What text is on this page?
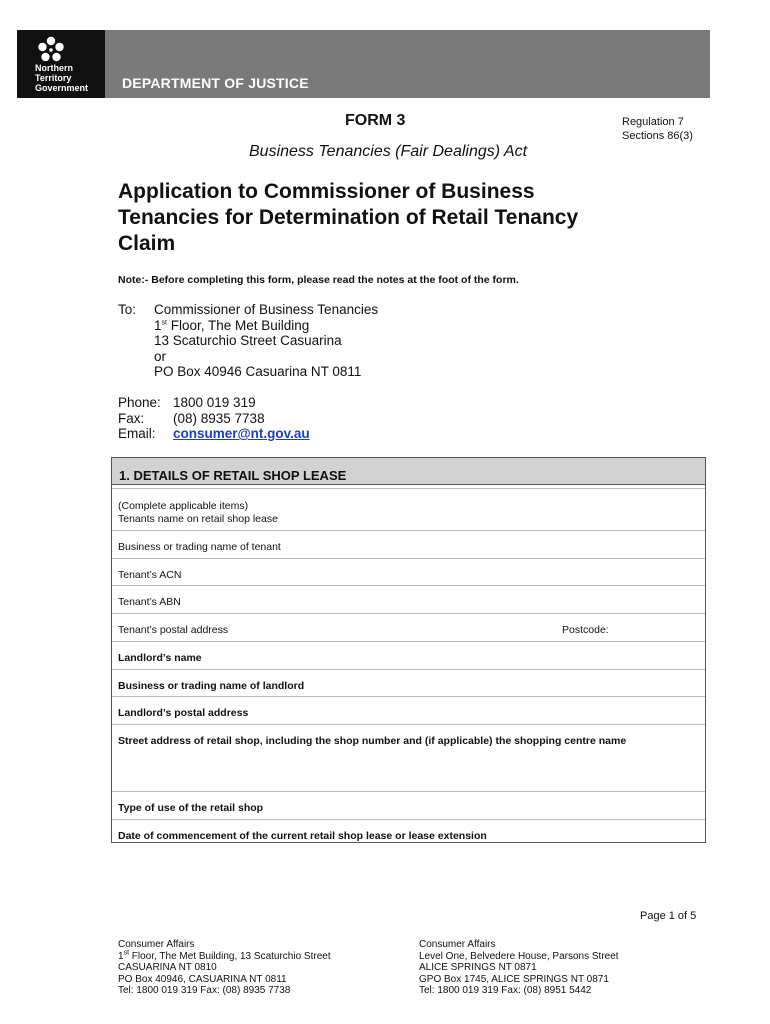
Northern
Territory
Government DEPARTMENT OF JUSTICE
FORM 3	Regulation 7
Sections 86(3)
Business Tenancies (Fair Dealings) Act
Application to Commissioner of Business Tenancies for Determination of Retail Tenancy Claim
Note:- Before completing this form, please read the notes at the foot of the form.
To:	Commissioner of Business Tenancies
1st Floor, The Met Building
13 Scaturchio Street Casuarina
or
PO Box 40946 Casuarina NT 0811
Phone: 1800 019 319
Fax:	(08) 8935 7738
Email:	consumer@nt.gov.au
1. DETAILS OF RETAIL SHOP LEASE
(Complete applicable items)
Tenants name on retail shop lease
Business or trading name of tenant
Tenant’s ACN
Tenant’s ABN
Tenant’s postal address	Postcode:
Landlord’s name
Business or trading name of landlord
Landlord’s postal address
Street address of retail shop, including the shop number and (if applicable) the shopping centre name
Type of use of the retail shop
Date of commencement of the current retail shop lease or lease extension
Page 1 of 5
Consumer Affairs
1st Floor, The Met Building, 13 Scaturchio Street
CASUARINA NT 0810
PO Box 40946, CASUARINA NT 0811
Tel: 1800 019 319 Fax: (08) 8935 7738
Consumer Affairs
Level One, Belvedere House, Parsons Street
ALICE SPRINGS NT 0871
GPO Box 1745, ALICE SPRINGS NT 0871
Tel: 1800 019 319 Fax: (08) 8951 5442
